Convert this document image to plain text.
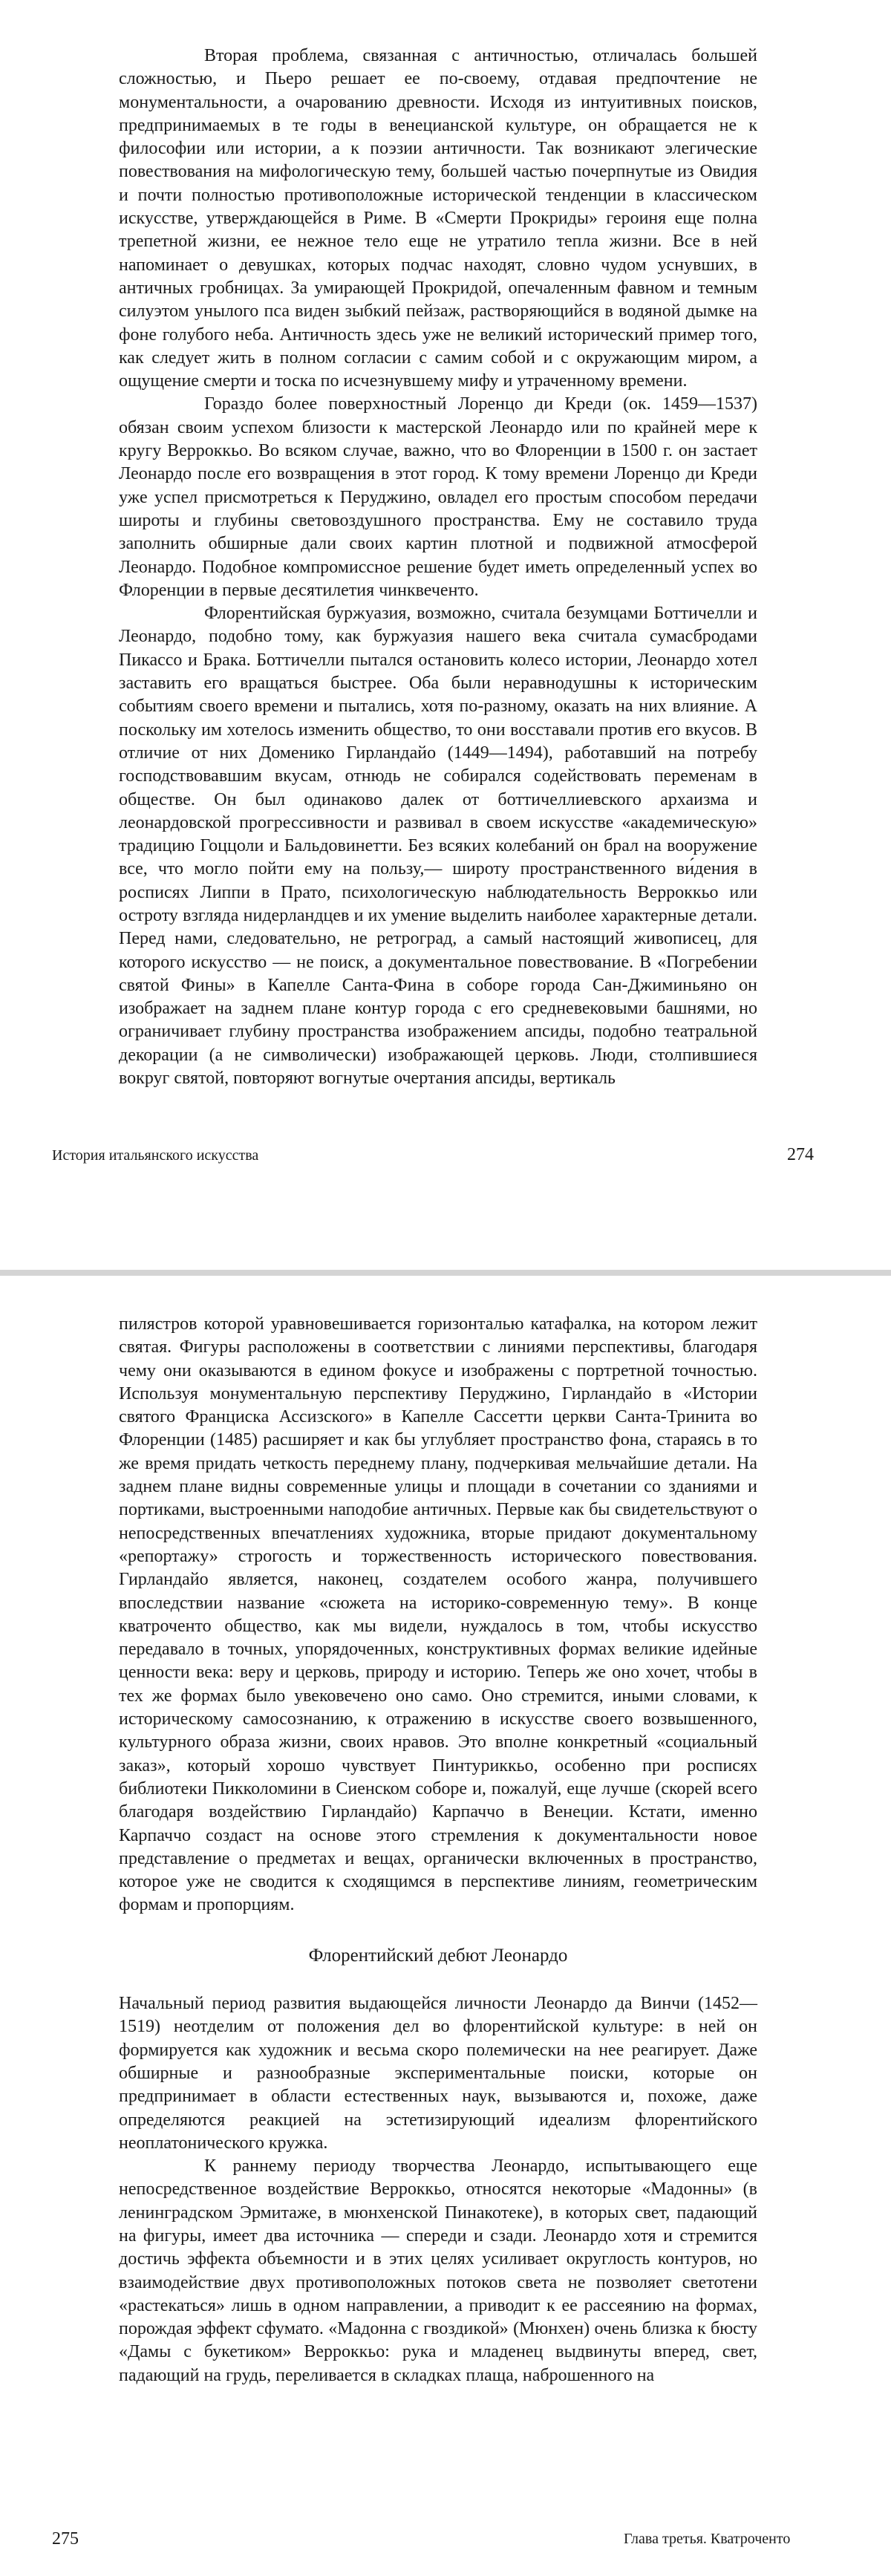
Вторая проблема, связанная с античностью, отличалась большей сложностью, и Пьеро решает ее по-своему, отдавая предпочтение не монументальности, а очарованию древности. Исходя из интуитивных поисков, предпринимаемых в те годы в венецианской культуре, он обращается не к философии или истории, а к поэзии античности. Так возникают элегические повествования на мифологическую тему, большей частью почерпнутые из Овидия и почти полностью противоположные исторической тенденции в классическом искусстве, утверждающейся в Риме. В «Смерти Прокриды» героиня еще полна трепетной жизни, ее нежное тело еще не утратило тепла жизни. Все в ней напоминает о девушках, которых подчас находят, словно чудом уснувших, в античных гробницах. За умирающей Прокридой, опечаленным фавном и темным силуэтом унылого пса виден зыбкий пейзаж, растворяющийся в водяной дымке на фоне голубого неба. Античность здесь уже не великий исторический пример того, как следует жить в полном согласии с самим собой и с окружающим миром, а ощущение смерти и тоска по исчезнувшему мифу и утраченному времени.

Гораздо более поверхностный Лоренцо ди Креди (ок. 1459—1537) обязан своим успехом близости к мастерской Леонардо или по крайней мере к кругу Верроккьо. Во всяком случае, важно, что во Флоренции в 1500 г. он застает Леонардо после его возвращения в этот город. К тому времени Лоренцо ди Креди уже успел присмотреться к Перуджино, овладел его простым способом передачи широты и глубины световоздушного пространства. Ему не составило труда заполнить обширные дали своих картин плотной и подвижной атмосферой Леонардо. Подобное компромиссное решение будет иметь определенный успех во Флоренции в первые десятилетия чинквеченто.

Флорентийская буржуазия, возможно, считала безумцами Боттичелли и Леонардо, подобно тому, как буржуазия нашего века считала сумасбродами Пикассо и Брака. Боттичелли пытался остановить колесо истории, Леонардо хотел заставить его вращаться быстрее. Оба были неравнодушны к историческим событиям своего времени и пытались, хотя по-разному, оказать на них влияние. А поскольку им хотелось изменить общество, то они восставали против его вкусов. В отличие от них Доменико Гирландайо (1449—1494), работавший на потребу господствовавшим вкусам, отнюдь не собирался содействовать переменам в обществе. Он был одинаково далек от боттичеллиевского архаизма и леонардовской прогрессивности и развивал в своем искусстве «академическую» традицию Гоццоли и Бальдовинетти. Без всяких колебаний он брал на вооружение все, что могло пойти ему на пользу,— широту пространственного ви́дения в росписях Липпи в Прато, психологическую наблюдательность Верроккьо или остроту взгляда нидерландцев и их умение выделить наиболее характерные детали. Перед нами, следовательно, не ретроград, а самый настоящий живописец, для которого искусство — не поиск, а документальное повествование. В «Погребении святой Фины» в Капелле Санта-Фина в соборе города Сан-Джиминьяно он изображает на заднем плане контур города с его средневековыми башнями, но ограничивает глубину пространства изображением апсиды, подобно театральной декорации (а не символически) изображающей церковь. Люди, столпившиеся вокруг святой, повторяют вогнутые очертания апсиды, вертикаль

История итальянского искусства	274

пилястров которой уравновешивается горизонталью катафалка, на котором лежит святая. Фигуры расположены в соответствии с линиями перспективы, благодаря чему они оказываются в едином фокусе и изображены с портретной точностью. Используя монументальную перспективу Перуджино, Гирландайо в «Истории святого Франциска Ассизского» в Капелле Сассетти церкви Санта-Тринита во Флоренции (1485) расширяет и как бы углубляет пространство фона, стараясь в то же время придать четкость переднему плану, подчеркивая мельчайшие детали. На заднем плане видны современные улицы и площади в сочетании со зданиями и портиками, выстроенными наподобие античных. Первые как бы свидетельствуют о непосредственных впечатлениях художника, вторые придают документальному «репортажу» строгость и торжественность исторического повествования. Гирландайо является, наконец, создателем особого жанра, получившего впоследствии название «сюжета на историко-современную тему». В конце кватроченто общество, как мы видели, нуждалось в том, чтобы искусство передавало в точных, упорядоченных, конструктивных формах великие идейные ценности века: веру и церковь, природу и историю. Теперь же оно хочет, чтобы в тех же формах было увековечено оно само. Оно стремится, иными словами, к историческому самосознанию, к отражению в искусстве своего возвышенного, культурного образа жизни, своих нравов. Это вполне конкретный «социальный заказ», который хорошо чувствует Пинтуриккьо, особенно при росписях библиотеки Пикколомини в Сиенском соборе и, пожалуй, еще лучше (скорей всего благодаря воздействию Гирландайо) Карпаччо в Венеции. Кстати, именно Карпаччо создаст на основе этого стремления к документальности новое представление о предметах и вещах, органически включенных в пространство, которое уже не сводится к сходящимся в перспективе линиям, геометрическим формам и пропорциям.

Флорентийский дебют Леонардо

Начальный период развития выдающейся личности Леонардо да Винчи (1452—1519) неотделим от положения дел во флорентийской культуре: в ней он формируется как художник и весьма скоро полемически на нее реагирует. Даже обширные и разнообразные экспериментальные поиски, которые он предпринимает в области естественных наук, вызываются и, похоже, даже определяются реакцией на эстетизирующий идеализм флорентийского неоплатонического кружка.

К раннему периоду творчества Леонардо, испытывающего еще непосредственное воздействие Верроккьо, относятся некоторые «Мадонны» (в ленинградском Эрмитаже, в мюнхенской Пинакотеке), в которых свет, падающий на фигуры, имеет два источника — спереди и сзади. Леонардо хотя и стремится достичь эффекта объемности и в этих целях усиливает округлость контуров, но взаимодействие двух противоположных потоков света не позволяет светотени «растекаться» лишь в одном направлении, а приводит к ее рассеянию на формах, порождая эффект сфумато. «Мадонна с гвоздикой» (Мюнхен) очень близка к бюсту «Дамы с букетиком» Верроккьо: рука и младенец выдвинуты вперед, свет, падающий на грудь, переливается в складках плаща, наброшенного на

275	Глава третья. Кватроченто
